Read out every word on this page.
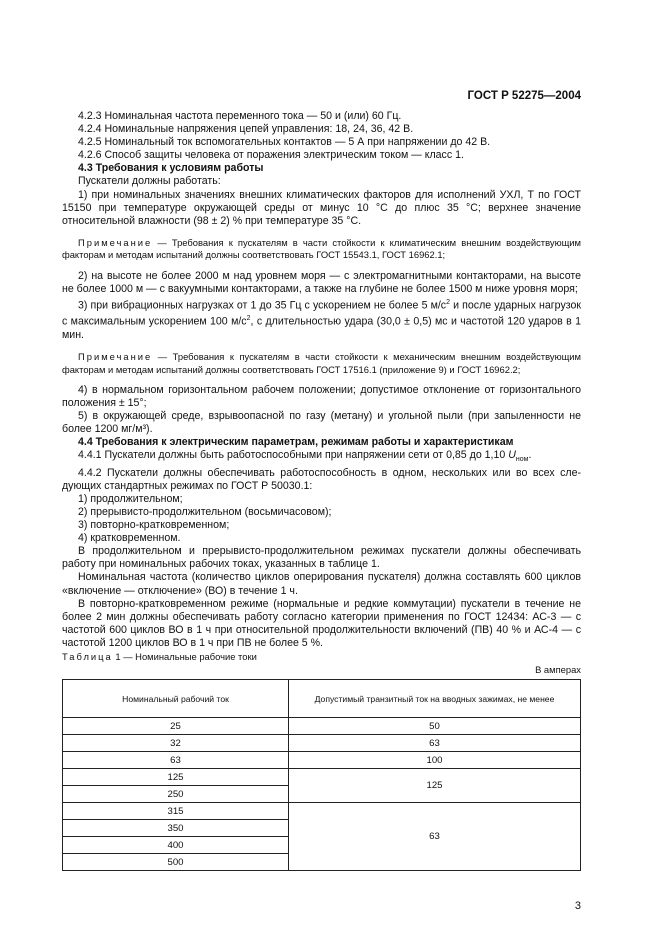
ГОСТ Р 52275—2004

4.2.3 Номинальная частота переменного тока — 50 и (или) 60 Гц.

4.2.4 Номинальные напряжения цепей управления: 18, 24, 36, 42 В.

4.2.5 Номинальный ток вспомогательных контактов — 5 А при напряжении до 42 В.

4.2.6 Способ защиты человека от поражения электрическим током — класс 1.

4.3 Требования к условиям работы

Пускатели должны работать:

1) при номинальных значениях внешних климатических факторов для исполнений УХЛ, Т по ГОСТ 15150 при температуре окружающей среды от минус 10 °С до плюс 35 °С; верхнее значение относительной влажности (98 ± 2) % при температуре 35 °С.

Примечание — Требования к пускателям в части стойкости к климатическим внешним воздействующим факторам и методам испытаний должны соответствовать ГОСТ 15543.1, ГОСТ 16962.1;

2) на высоте не более 2000 м над уровнем моря — с электромагнитными контакторами, на высоте не более 1000 м — с вакуумными контакторами, а также на глубине не более 1500 м ниже уровня моря;

3) при вибрационных нагрузках от 1 до 35 Гц с ускорением не более 5 $м/с^2$ и после ударных нагрузок с максимальным ускорением 100 $м/с^2$, с длительностью удара (30,0 ± 0,5) мс и частотой 120 ударов в 1 мин.

Примечание — Требования к пускателям в части стойкости к механическим внешним воздействующим факторам и методам испытаний должны соответствовать ГОСТ 17516.1 (приложение 9) и ГОСТ 16962.2;

4) в нормальном горизонтальном рабочем положении; допустимое отклонение от горизонтального положения ± 15°;

5) в окружающей среде, взрывоопасной по газу (метану) и угольной пыли (при запыленности не более 1200 мг/м³).

4.4 Требования к электрическим параметрам, режимам работы и характеристикам

4.4.1 Пускатели должны быть работоспособными при напряжении сети от 0,85 до 1,10 $U_{ном}$.

4.4.2 Пускатели должны обеспечивать работоспособность в одном, нескольких или во всех сле-дующих стандартных режимах по ГОСТ Р 50030.1:

1) продолжительном;

2) прерывисто-продолжительном (восьмичасовом);

3) повторно-кратковременном;

4) кратковременном.

В продолжительном и прерывисто-продолжительном режимах пускатели должны обеспечивать работу при номинальных рабочих токах, указанных в таблице 1.

Номинальная частота (количество циклов оперирования пускателя) должна составлять 600 циклов «включение — отключение» (ВО) в течение 1 ч.

В повторно-кратковременном режиме (нормальные и редкие коммутации) пускатели в течение не более 2 мин должны обеспечивать работу согласно категории применения по ГОСТ 12434: АС-3 — с частотой 600 циклов ВО в 1 ч при относительной продолжительности включений (ПВ) 40 % и АС-4 — с частотой 1200 циклов ВО в 1 ч при ПВ не более 5 %.

Таблица 1 — Номинальные рабочие токи

В амперах

Номинальный рабочий ток	Допустимый транзитный ток на вводных зажимах, не менее
25	50
32	63
63	100
125	125
250	
315	63
350	
400	
500	
3
